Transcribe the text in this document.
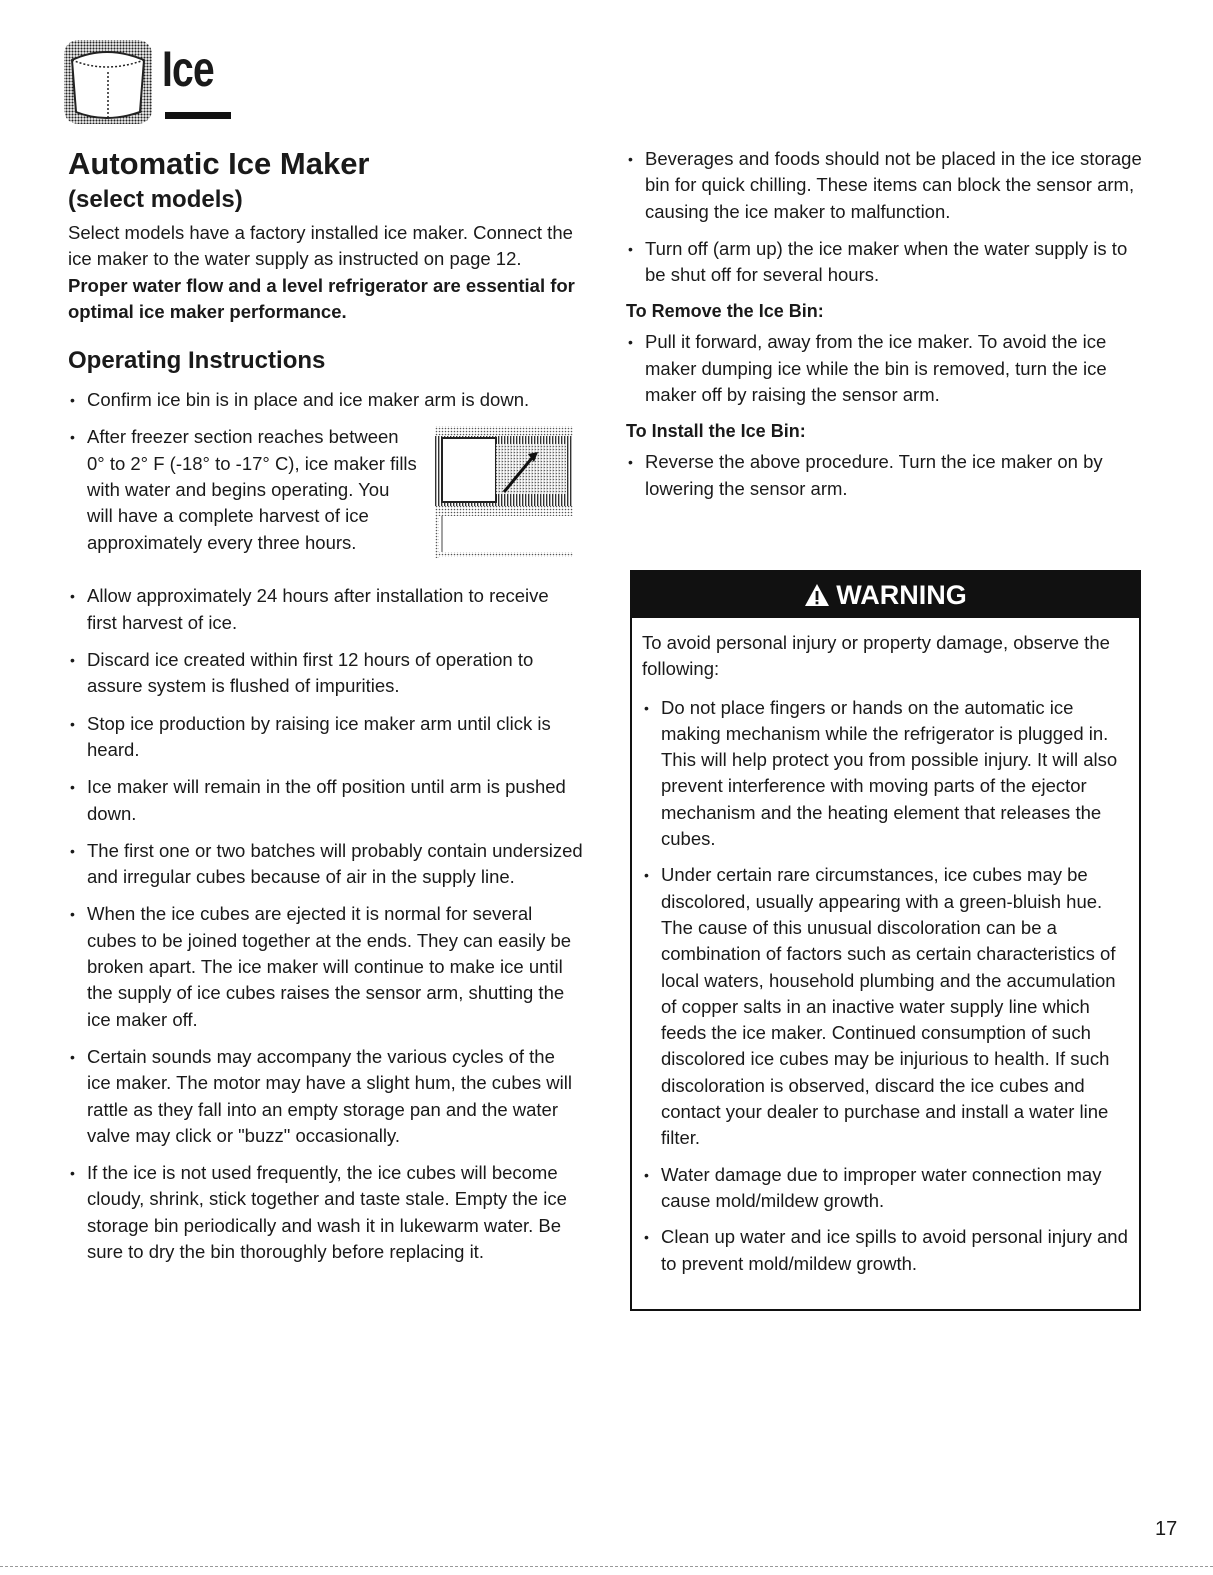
Ice
Automatic Ice Maker
(select models)

Select models have a factory installed ice maker. Connect the ice maker to the water supply as instructed on page 12. Proper water flow and a level refrigerator are essential for optimal ice maker performance.

Operating Instructions
• Confirm ice bin is in place and ice maker arm is down.
• After freezer section reaches between 0° to 2° F (-18° to -17° C), ice maker fills with water and begins operating. You will have a complete harvest of ice approximately every three hours.
• Allow approximately 24 hours after installation to receive first harvest of ice.
• Discard ice created within first 12 hours of operation to assure system is flushed of impurities.
• Stop ice production by raising ice maker arm until click is heard.
• Ice maker will remain in the off position until arm is pushed down.
• The first one or two batches will probably contain undersized and irregular cubes because of air in the supply line.
• When the ice cubes are ejected it is normal for several cubes to be joined together at the ends. They can easily be broken apart. The ice maker will continue to make ice until the supply of ice cubes raises the sensor arm, shutting the ice maker off.
• Certain sounds may accompany the various cycles of the ice maker. The motor may have a slight hum, the cubes will rattle as they fall into an empty storage pan and the water valve may click or "buzz" occasionally.
• If the ice is not used frequently, the ice cubes will become cloudy, shrink, stick together and taste stale. Empty the ice storage bin periodically and wash it in lukewarm water. Be sure to dry the bin thoroughly before replacing it.
• Beverages and foods should not be placed in the ice storage bin for quick chilling. These items can block the sensor arm, causing the ice maker to malfunction.
• Turn off (arm up) the ice maker when the water supply is to be shut off for several hours.
To Remove the Ice Bin:
• Pull it forward, away from the ice maker. To avoid the ice maker dumping ice while the bin is removed, turn the ice maker off by raising the sensor arm.
To Install the Ice Bin:
• Reverse the above procedure. Turn the ice maker on by lowering the sensor arm.
WARNING

To avoid personal injury or property damage, observe the following:

• Do not place fingers or hands on the automatic ice making mechanism while the refrigerator is plugged in. This will help protect you from possible injury. It will also prevent interference with moving parts of the ejector mechanism and the heating element that releases the cubes.
• Under certain rare circumstances, ice cubes may be discolored, usually appearing with a green-bluish hue. The cause of this unusual discoloration can be a combination of factors such as certain characteristics of local waters, household plumbing and the accumulation of copper salts in an inactive water supply line which feeds the ice maker. Continued consumption of such discolored ice cubes may be injurious to health. If such discoloration is observed, discard the ice cubes and contact your dealer to purchase and install a water line filter.
• Water damage due to improper water connection may cause mold/mildew growth.
• Clean up water and ice spills to avoid personal injury and to prevent mold/mildew growth.
17
